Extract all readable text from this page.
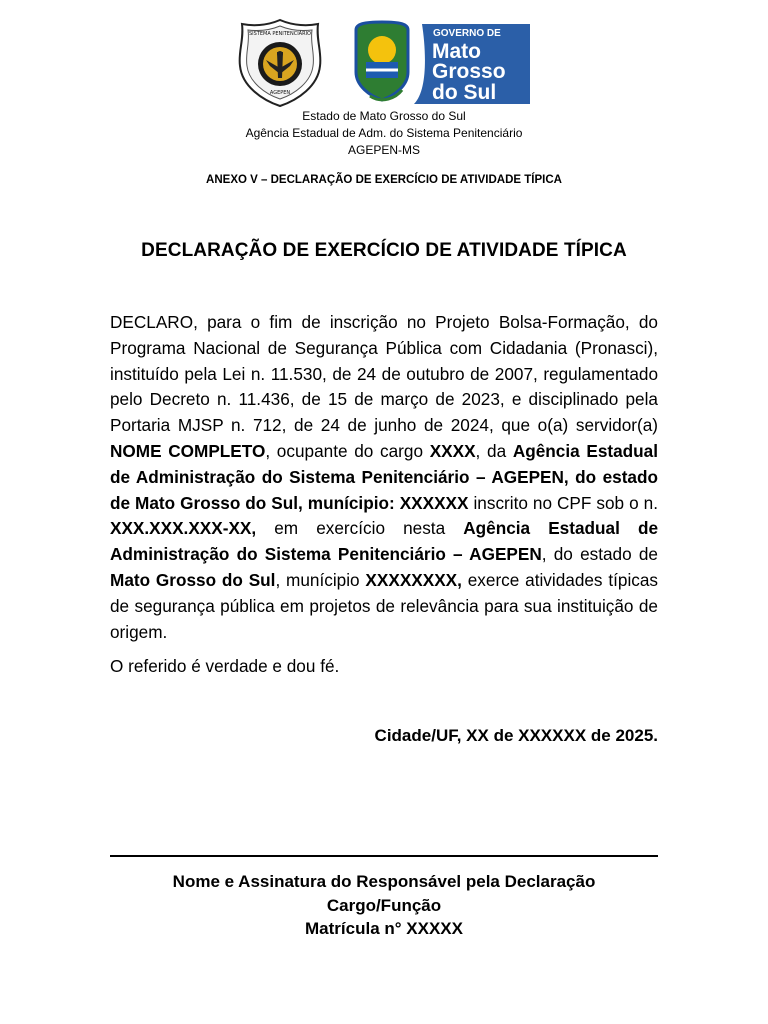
SISTEMA PENITENCIÁRIO
AGEPEN
GOVERNO DE
Mato
Grosso
do Sul
Estado de Mato Grosso do Sul
Agência Estadual de Adm. do Sistema Penitenciário
AGEPEN-MS
ANEXO V – DECLARAÇÃO DE EXERCÍCIO DE ATIVIDADE TÍPICA
DECLARAÇÃO DE EXERCÍCIO DE ATIVIDADE TÍPICA
DECLARO, para o fim de inscrição no Projeto Bolsa-Formação, do Programa Nacional de Segurança Pública com Cidadania (Pronasci), instituído pela Lei n. 11.530, de 24 de outubro de 2007, regulamentado pelo Decreto n. 11.436, de 15 de março de 2023, e disciplinado pela Portaria MJSP n. 712, de 24 de junho de 2024, que o(a) servidor(a) NOME COMPLETO, ocupante do cargo XXXX, da Agência Estadual de Administração do Sistema Penitenciário – AGEPEN, do estado de Mato Grosso do Sul, munícipio: XXXXXX inscrito no CPF sob o n. XXX.XXX.XXX-XX, em exercício nesta Agência Estadual de Administração do Sistema Penitenciário – AGEPEN, do estado de Mato Grosso do Sul, munícipio XXXXXXXX, exerce atividades típicas de segurança pública em projetos de relevância para sua instituição de origem.
O referido é verdade e dou fé.
Cidade/UF, XX de XXXXXX de 2025.
Nome e Assinatura do Responsável pela Declaração
Cargo/Função
Matrícula n° XXXXX
